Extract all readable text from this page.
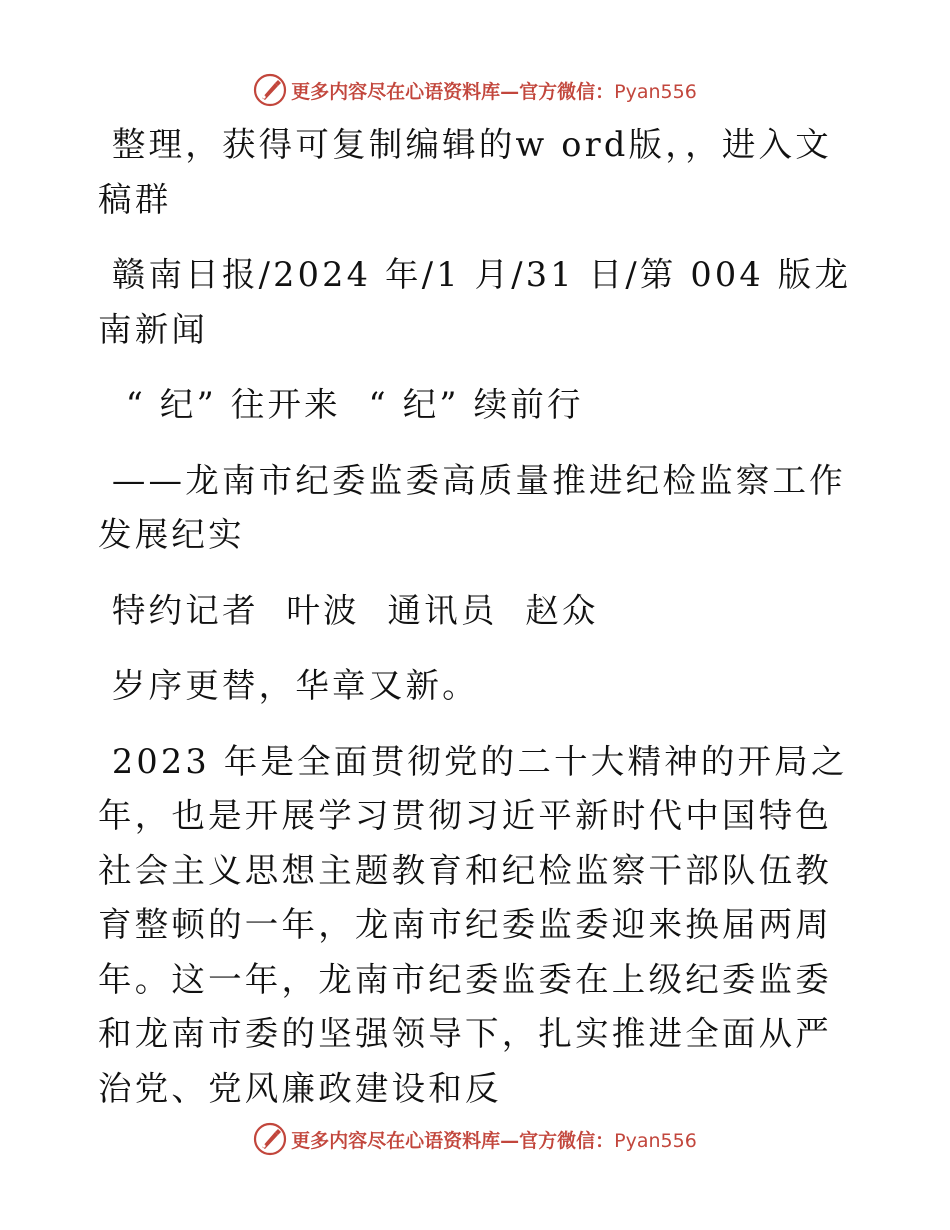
更多内容尽在心语资料库—官方微信：Pyan556

整理，获得可复制编辑的w ord版，，进入文稿群

赣南日报/2024 年/1 月/31 日/第 004 版龙南新闻

“ 纪” 往开来  “ 纪” 续前行

——龙南市纪委监委高质量推进纪检监察工作发展纪实

特约记者  叶波  通讯员  赵众

岁序更替，华章又新。

2023 年是全面贯彻党的二十大精神的开局之年，也是开展学习贯彻习近平新时代中国特色社会主义思想主题教育和纪检监察干部队伍教育整顿的一年，龙南市纪委监委迎来换届两周年。这一年，龙南市纪委监委在上级纪委监委和龙南市委的坚强领导下，扎实推进全面从严治党、党风廉政建设和反

更多内容尽在心语资料库—官方微信：Pyan556
